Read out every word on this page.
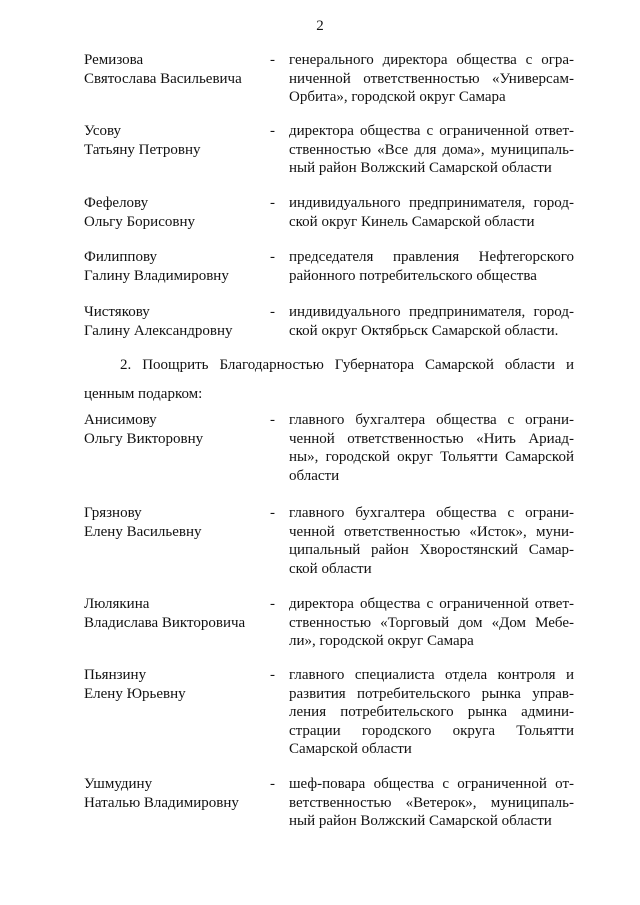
2
Ремизова
Святослава Васильевича
- генерального директора общества с огра-
ниченной ответственностью «Универсам-
Орбита», городской округ Самара
Усову
Татьяну Петровну
- директора общества с ограниченной ответ-
ственностью «Все для дома», муниципаль-
ный район Волжский Самарской области
Фефелову
Ольгу Борисовну
- индивидуального предпринимателя, город-
ской округ Кинель Самарской области
Филиппову
Галину Владимировну
- председателя правления Нефтегорского
районного потребительского общества
Чистякову
Галину Александровну
- индивидуального предпринимателя, город-
ской округ Октябрьск Самарской области.
2. Поощрить Благодарностью Губернатора Самарской области и
ценным подарком:
Анисимову
Ольгу Викторовну
- главного бухгалтера общества с ограни-
ченной ответственностью «Нить Ариад-
ны», городской округ Тольятти Самарской
области
Грязнову
Елену Васильевну
- главного бухгалтера общества с ограни-
ченной ответственностью «Исток», муни-
ципальный район Хворостянский Самар-
ской области
Люлякина
Владислава Викторовича
- директора общества с ограниченной ответ-
ственностью «Торговый дом «Дом Мебе-
ли», городской округ Самара
Пьянзину
Елену Юрьевну
- главного специалиста отдела контроля и
развития потребительского рынка управ-
ления потребительского рынка админи-
страции городского округа Тольятти
Самарской области
Ушмудину
Наталью Владимировну
- шеф-повара общества с ограниченной от-
ветственностью «Ветерок», муниципаль-
ный район Волжский Самарской области
